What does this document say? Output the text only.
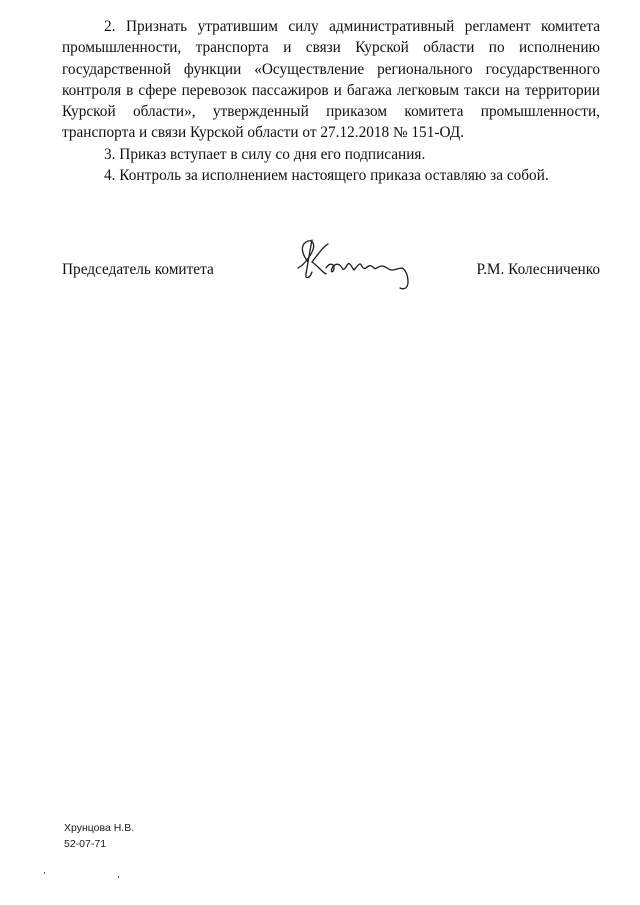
2. Признать утратившим силу административный регламент комитета промышленности, транспорта и связи Курской области по исполнению государственной функции «Осуществление регионального государственного контроля в сфере перевозок пассажиров и багажа легковым такси на территории Курской области», утвержденный приказом комитета промышленности, транспорта и связи Курской области от 27.12.2018 № 151-ОД.

3. Приказ вступает в силу со дня его подписания.

4. Контроль за исполнением настоящего приказа оставляю за собой.

Председатель комитета	Р.М. Колесниченко
Хрунцова Н.В.
52-07-71
